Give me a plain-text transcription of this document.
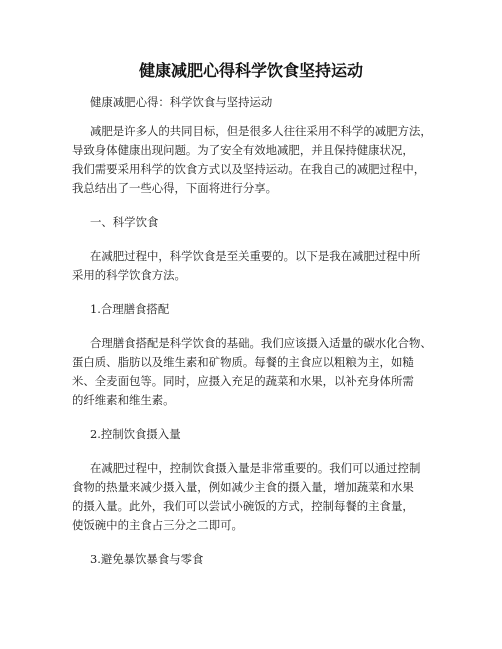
健康减肥心得科学饮食坚持运动
健康减肥心得：科学饮食与坚持运动
减肥是许多人的共同目标，但是很多人往往采用不科学的减肥方法，
导致身体健康出现问题。为了安全有效地减肥，并且保持健康状况，
我们需要采用科学的饮食方式以及坚持运动。在我自己的减肥过程中，
我总结出了一些心得，下面将进行分享。
一、科学饮食
在减肥过程中，科学饮食是至关重要的。以下是我在减肥过程中所
采用的科学饮食方法。
1.合理膳食搭配
合理膳食搭配是科学饮食的基础。我们应该摄入适量的碳水化合物、
蛋白质、脂肪以及维生素和矿物质。每餐的主食应以粗粮为主，如糙
米、全麦面包等。同时，应摄入充足的蔬菜和水果，以补充身体所需
的纤维素和维生素。
2.控制饮食摄入量
在减肥过程中，控制饮食摄入量是非常重要的。我们可以通过控制
食物的热量来减少摄入量，例如减少主食的摄入量，增加蔬菜和水果
的摄入量。此外，我们可以尝试小碗饭的方式，控制每餐的主食量，
使饭碗中的主食占三分之二即可。
3.避免暴饮暴食与零食
